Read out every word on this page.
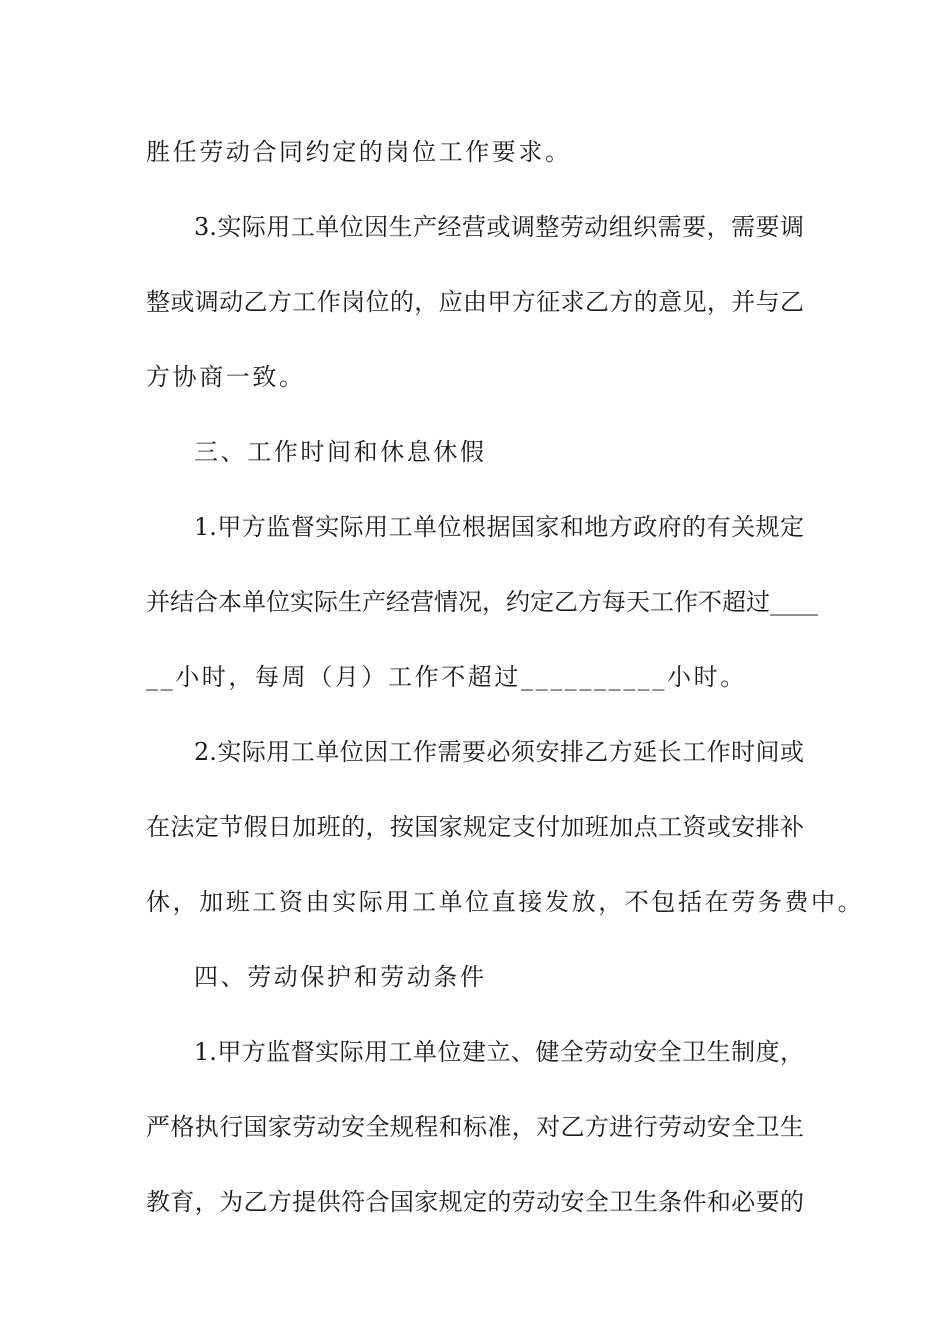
胜任劳动合同约定的岗位工作要求。
3.实际用工单位因生产经营或调整劳动组织需要，需要调
整或调动乙方工作岗位的，应由甲方征求乙方的意见，并与乙
方协商一致。
三、工作时间和休息休假
1.甲方监督实际用工单位根据国家和地方政府的有关规定
并结合本单位实际生产经营情况，约定乙方每天工作不超过____
__小时，每周（月）工作不超过__________小时。
2.实际用工单位因工作需要必须安排乙方延长工作时间或
在法定节假日加班的，按国家规定支付加班加点工资或安排补
休，加班工资由实际用工单位直接发放，不包括在劳务费中。
四、劳动保护和劳动条件
1.甲方监督实际用工单位建立、健全劳动安全卫生制度，
严格执行国家劳动安全规程和标准，对乙方进行劳动安全卫生
教育，为乙方提供符合国家规定的劳动安全卫生条件和必要的
